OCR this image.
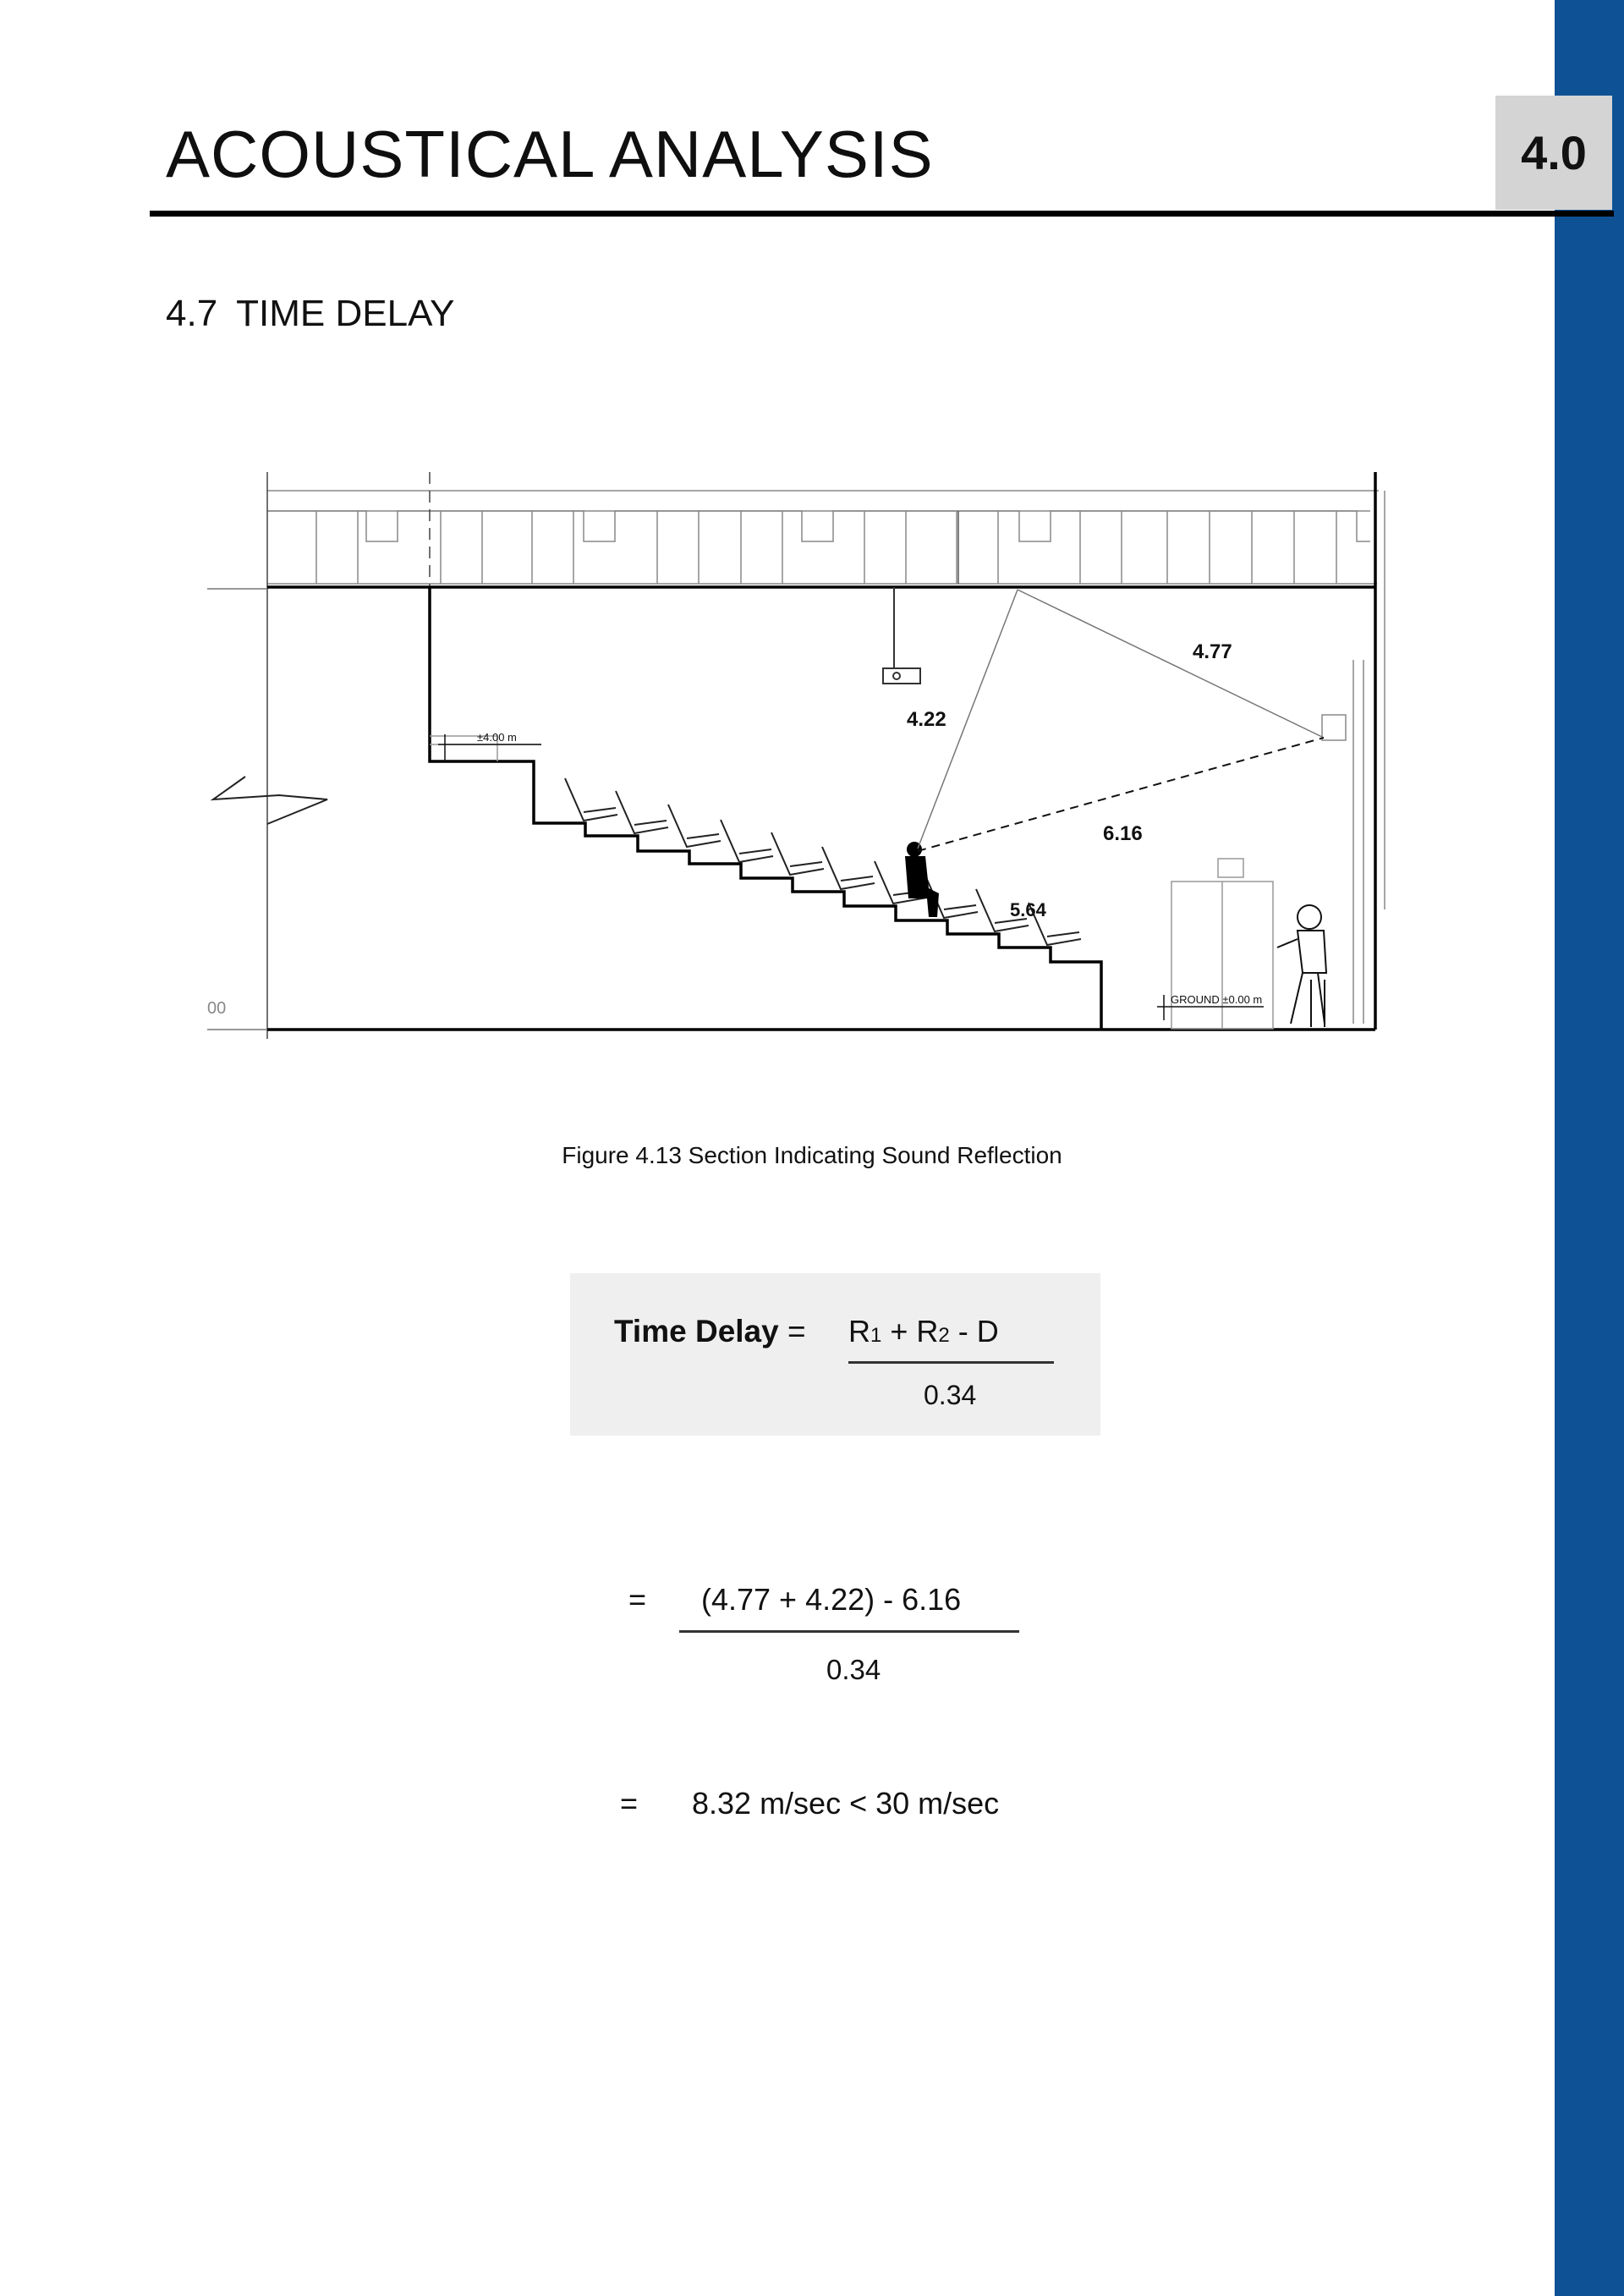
4.0
ACOUSTICAL ANALYSIS
4.7 TIME DELAY
4.77
4.22
6.16
5.64
±4.00 m
GROUND ±0.00 m
00
Figure 4.13 Section Indicating Sound Reflection
Time Delay = R1 + R2 - D
0.34
= (4.77 + 4.22) - 6.16
0.34
= 8.32 m/sec < 30 m/sec
